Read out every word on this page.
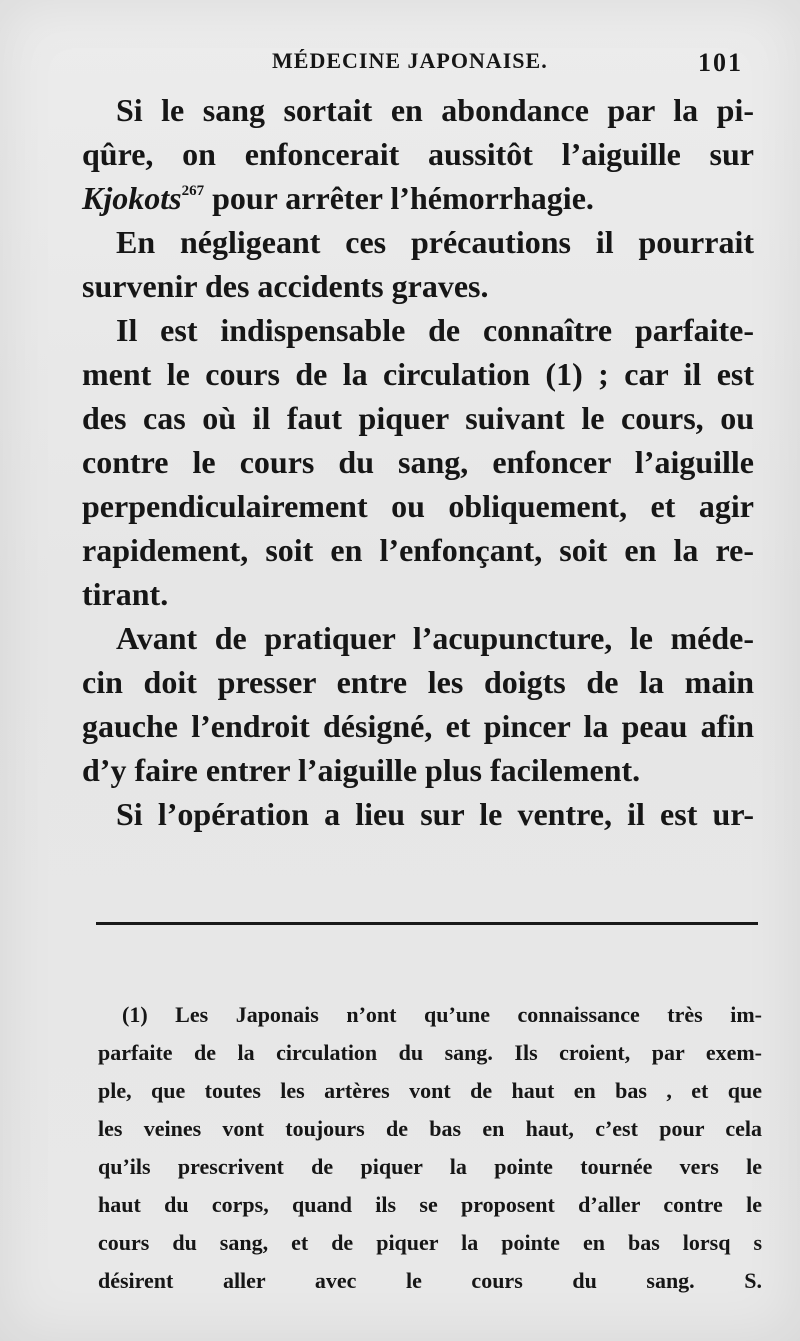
MÉDECINE JAPONAISE.	101
Si le sang sortait en abondance par la pi-
qûre, on enfoncerait aussitôt l’aiguille sur
Kjokots$^{267}$ pour arrêter l’hémorrhagie.
En négligeant ces précautions il pourrait
survenir des accidents graves.
Il est indispensable de connaître parfaite-
ment le cours de la circulation (1) ; car il est
des cas où il faut piquer suivant le cours, ou
contre le cours du sang, enfoncer l’aiguille
perpendiculairement ou obliquement, et agir
rapidement, soit en l’enfonçant, soit en la re-
tirant.
Avant de pratiquer l’acupuncture, le méde-
cin doit presser entre les doigts de la main
gauche l’endroit désigné, et pincer la peau afin
d’y faire entrer l’aiguille plus facilement.
Si l’opération a lieu sur le ventre, il est ur-
(1) Les Japonais n’ont qu’une connaissance très im-
parfaite de la circulation du sang. Ils croient, par exem-
ple, que toutes les artères vont de haut en bas , et que
les veines vont toujours de bas en haut, c’est pour cela
qu’ils prescrivent de piquer la pointe tournée vers le
haut du corps, quand ils se proposent d’aller contre le
cours du sang, et de piquer la pointe en bas lorsq s
désirent aller avec le cours du sang. S.
